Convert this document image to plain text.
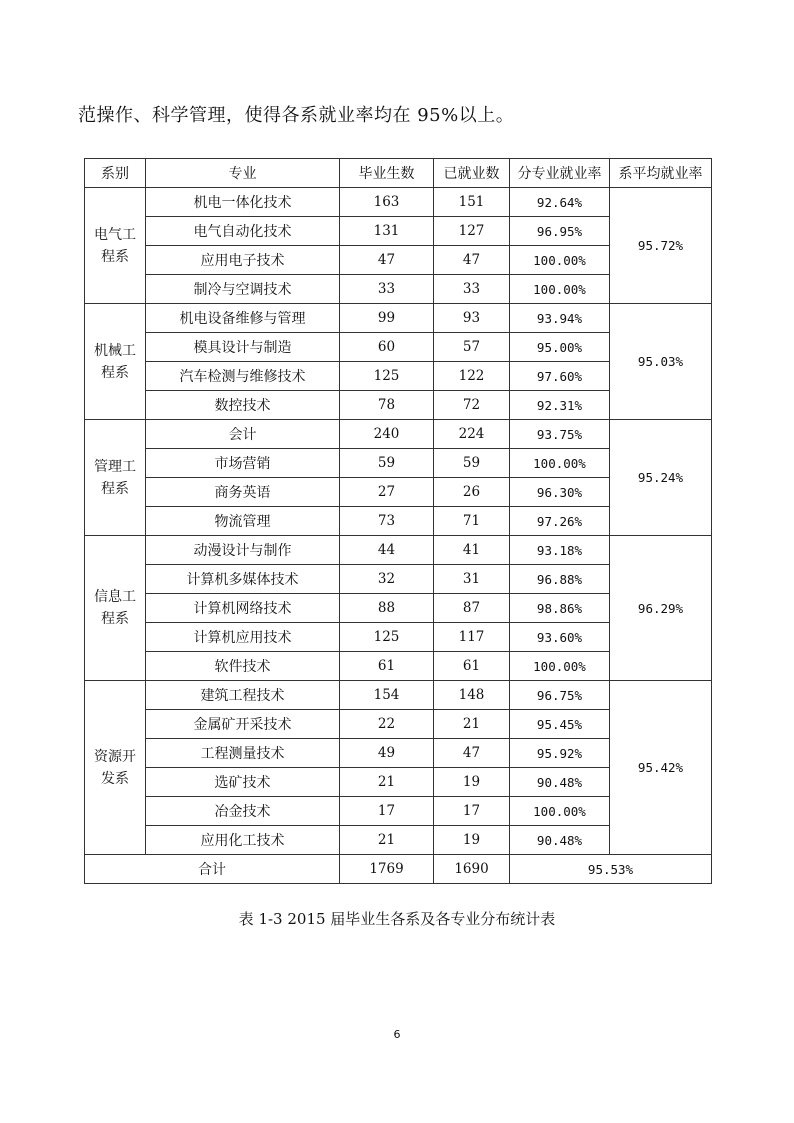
范操作、科学管理，使得各系就业率均在 95%以上。
系别	专业	毕业生数	已就业数	分专业就业率	系平均就业率
电气工程系	机电一体化技术	163	151	92.64%	95.72%
	电气自动化技术	131	127	96.95%	
	应用电子技术	47	47	100.00%	
	制冷与空调技术	33	33	100.00%	
机械工程系	机电设备维修与管理	99	93	93.94%	95.03%
	模具设计与制造	60	57	95.00%	
	汽车检测与维修技术	125	122	97.60%	
	数控技术	78	72	92.31%	
管理工程系	会计	240	224	93.75%	95.24%
	市场营销	59	59	100.00%	
	商务英语	27	26	96.30%	
	物流管理	73	71	97.26%	
信息工程系	动漫设计与制作	44	41	93.18%	96.29%
	计算机多媒体技术	32	31	96.88%	
	计算机网络技术	88	87	98.86%	
	计算机应用技术	125	117	93.60%	
	软件技术	61	61	100.00%	
资源开发系	建筑工程技术	154	148	96.75%	95.42%
	金属矿开采技术	22	21	95.45%	
	工程测量技术	49	47	95.92%	
	选矿技术	21	19	90.48%	
	冶金技术	17	17	100.00%	
	应用化工技术	21	19	90.48%	
合计		1769	1690	95.53%	
表 1-3 2015 届毕业生各系及各专业分布统计表
6
